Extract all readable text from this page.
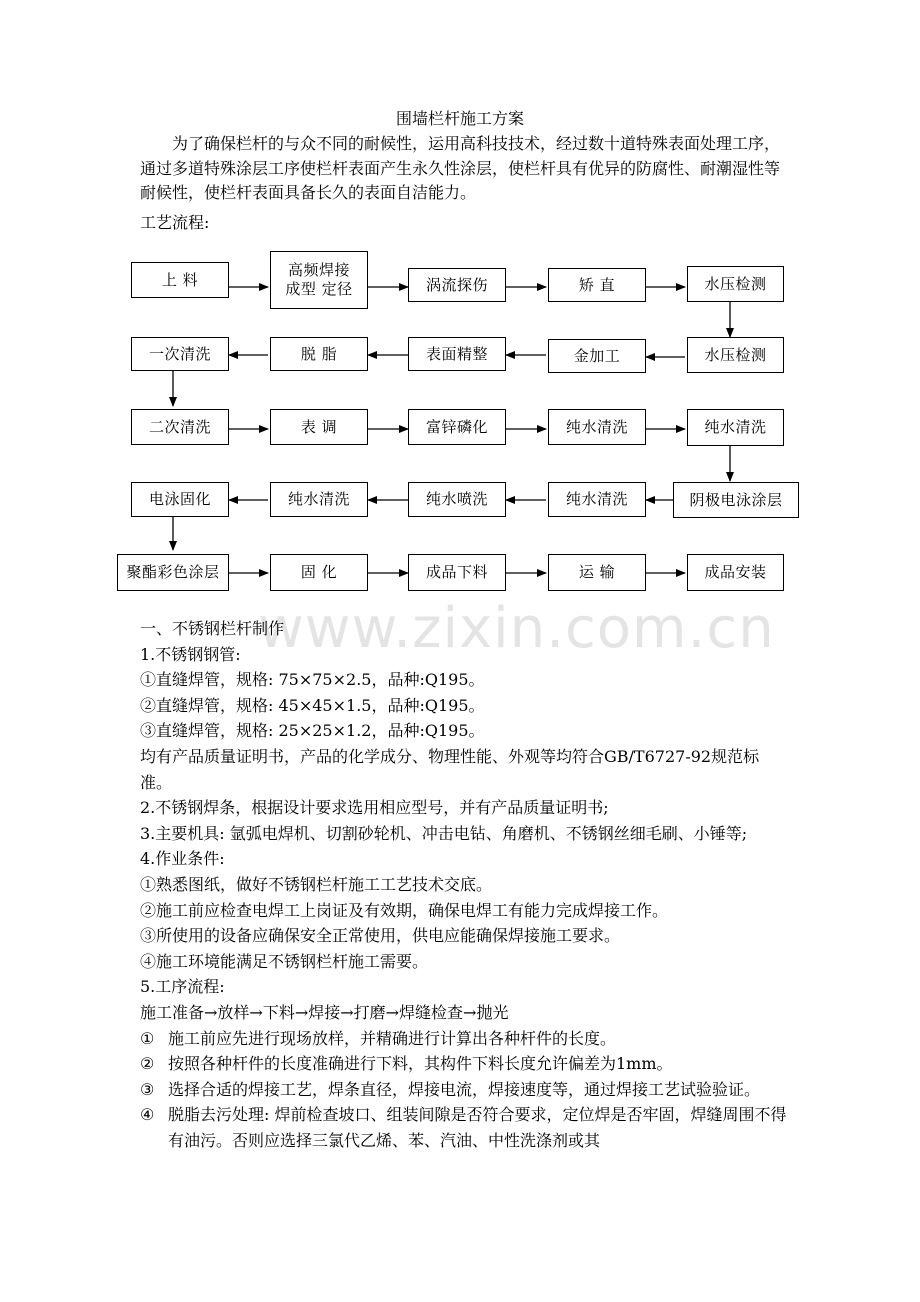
www.zixin.com.cn
围墙栏杆施工方案
为了确保栏杆的与众不同的耐候性，运用高科技技术，经过数十道特殊表面处理工序，通过多道特殊涂层工序使栏杆表面产生永久性涂层，使栏杆具有优异的防腐性、耐潮湿性等耐候性，使栏杆表面具备长久的表面自洁能力。
工艺流程:
上 料
高频焊接
成型 定径	涡流探伤	矫 直	水压检测
一次清洗	脱 脂	表面精整	金加工	水压检测
二次清洗	表 调	富锌磷化	纯水清洗	纯水清洗
电泳固化	纯水清洗	纯水喷洗	纯水清洗	阴极电泳涂层
聚酯彩色涂层	固 化	成品下料	运 输	成品安装
一、不锈钢栏杆制作
1.不锈钢钢管:
①直缝焊管，规格: 75×75×2.5，品种:Q195。
②直缝焊管，规格: 45×45×1.5，品种:Q195。
③直缝焊管，规格: 25×25×1.2，品种:Q195。
均有产品质量证明书，产品的化学成分、物理性能、外观等均符合GB/T6727-92规范标准。
2.不锈钢焊条，根据设计要求选用相应型号，并有产品质量证明书;
3.主要机具: 氩弧电焊机、切割砂轮机、冲击电钻、角磨机、不锈钢丝细毛刷、小锤等;
4.作业条件:
①熟悉图纸，做好不锈钢栏杆施工工艺技术交底。
②施工前应检查电焊工上岗证及有效期，确保电焊工有能力完成焊接工作。
③所使用的设备应确保安全正常使用，供电应能确保焊接施工要求。
④施工环境能满足不锈钢栏杆施工需要。
5.工序流程:
施工准备→放样→下料→焊接→打磨→焊缝检查→抛光
① 施工前应先进行现场放样，并精确进行计算出各种杆件的长度。
② 按照各种杆件的长度准确进行下料，其构件下料长度允许偏差为1mm。
③ 选择合适的焊接工艺，焊条直径，焊接电流，焊接速度等，通过焊接工艺试验验证。
④ 脱脂去污处理: 焊前检查坡口、组装间隙是否符合要求，定位焊是否牢固，焊缝周围不得有油污。否则应选择三氯代乙烯、苯、汽油、中性洗涤剂或其
